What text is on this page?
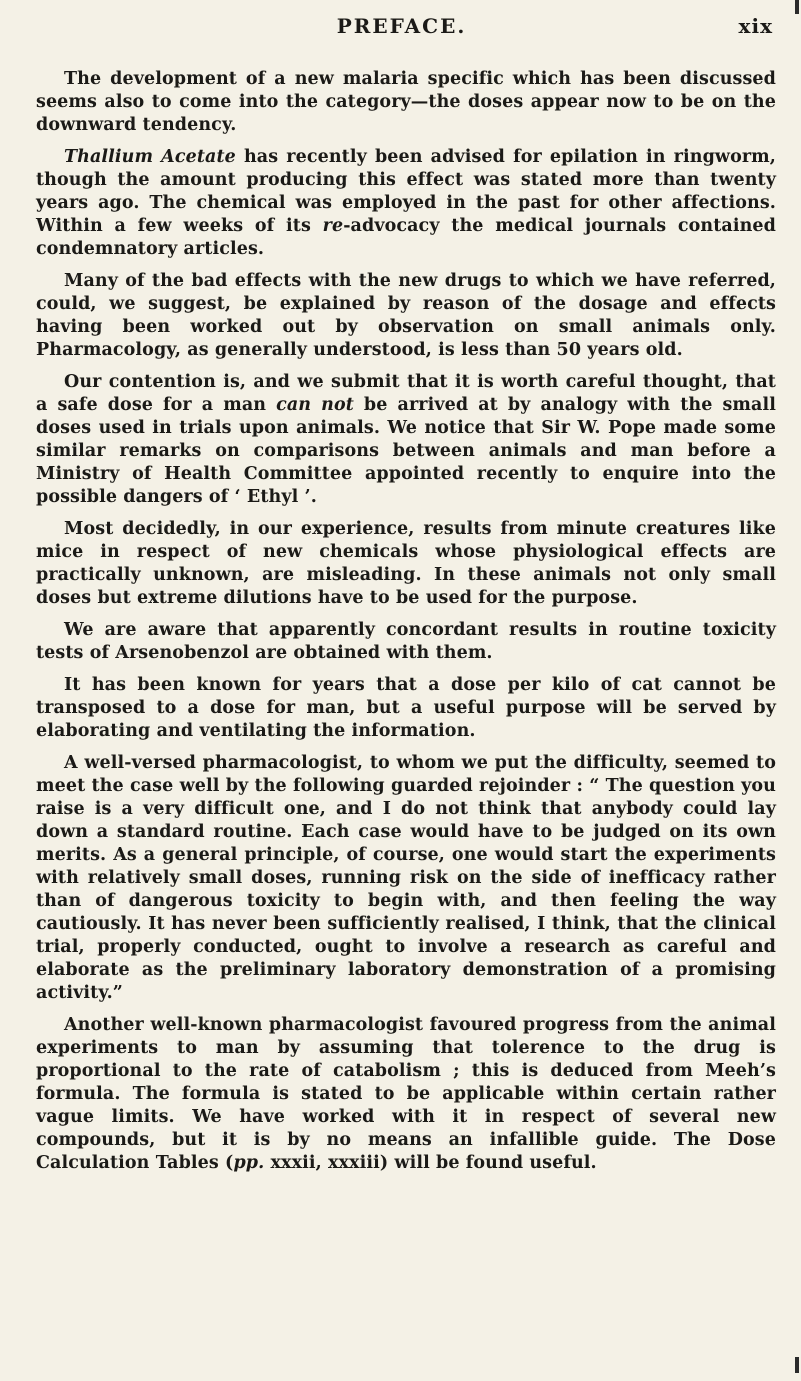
PREFACE.	xix

The development of a new malaria specific which has been discussed seems also to come into the category—the doses appear now to be on the downward tendency.

Thallium Acetate has recently been advised for epilation in ringworm, though the amount producing this effect was stated more than twenty years ago. The chemical was employed in the past for other affections. Within a few weeks of its re-advocacy the medical journals contained condemnatory articles.

Many of the bad effects with the new drugs to which we have referred, could, we suggest, be explained by reason of the dosage and effects having been worked out by observation on small animals only. Pharmacology, as generally understood, is less than 50 years old.

Our contention is, and we submit that it is worth careful thought, that a safe dose for a man can not be arrived at by analogy with the small doses used in trials upon animals. We notice that Sir W. Pope made some similar remarks on comparisons between animals and man before a Ministry of Health Committee appointed recently to enquire into the possible dangers of ‘ Ethyl ’.

Most decidedly, in our experience, results from minute creatures like mice in respect of new chemicals whose physiological effects are practically unknown, are misleading. In these animals not only small doses but extreme dilutions have to be used for the purpose.

We are aware that apparently concordant results in routine toxicity tests of Arsenobenzol are obtained with them.

It has been known for years that a dose per kilo of cat cannot be transposed to a dose for man, but a useful purpose will be served by elaborating and ventilating the information.

A well-versed pharmacologist, to whom we put the difficulty, seemed to meet the case well by the following guarded rejoinder : “ The question you raise is a very difficult one, and I do not think that anybody could lay down a standard routine. Each case would have to be judged on its own merits. As a general principle, of course, one would start the experiments with relatively small doses, running risk on the side of inefficacy rather than of dangerous toxicity to begin with, and then feeling the way cautiously. It has never been sufficiently realised, I think, that the clinical trial, properly conducted, ought to involve a research as careful and elaborate as the preliminary laboratory demonstration of a promising activity.”

Another well-known pharmacologist favoured progress from the animal experiments to man by assuming that tolerence to the drug is proportional to the rate of catabolism ; this is deduced from Meeh’s formula. The formula is stated to be applicable within certain rather vague limits. We have worked with it in respect of several new compounds, but it is by no means an infallible guide. The Dose Calculation Tables (pp. xxxii, xxxiii) will be found useful.
